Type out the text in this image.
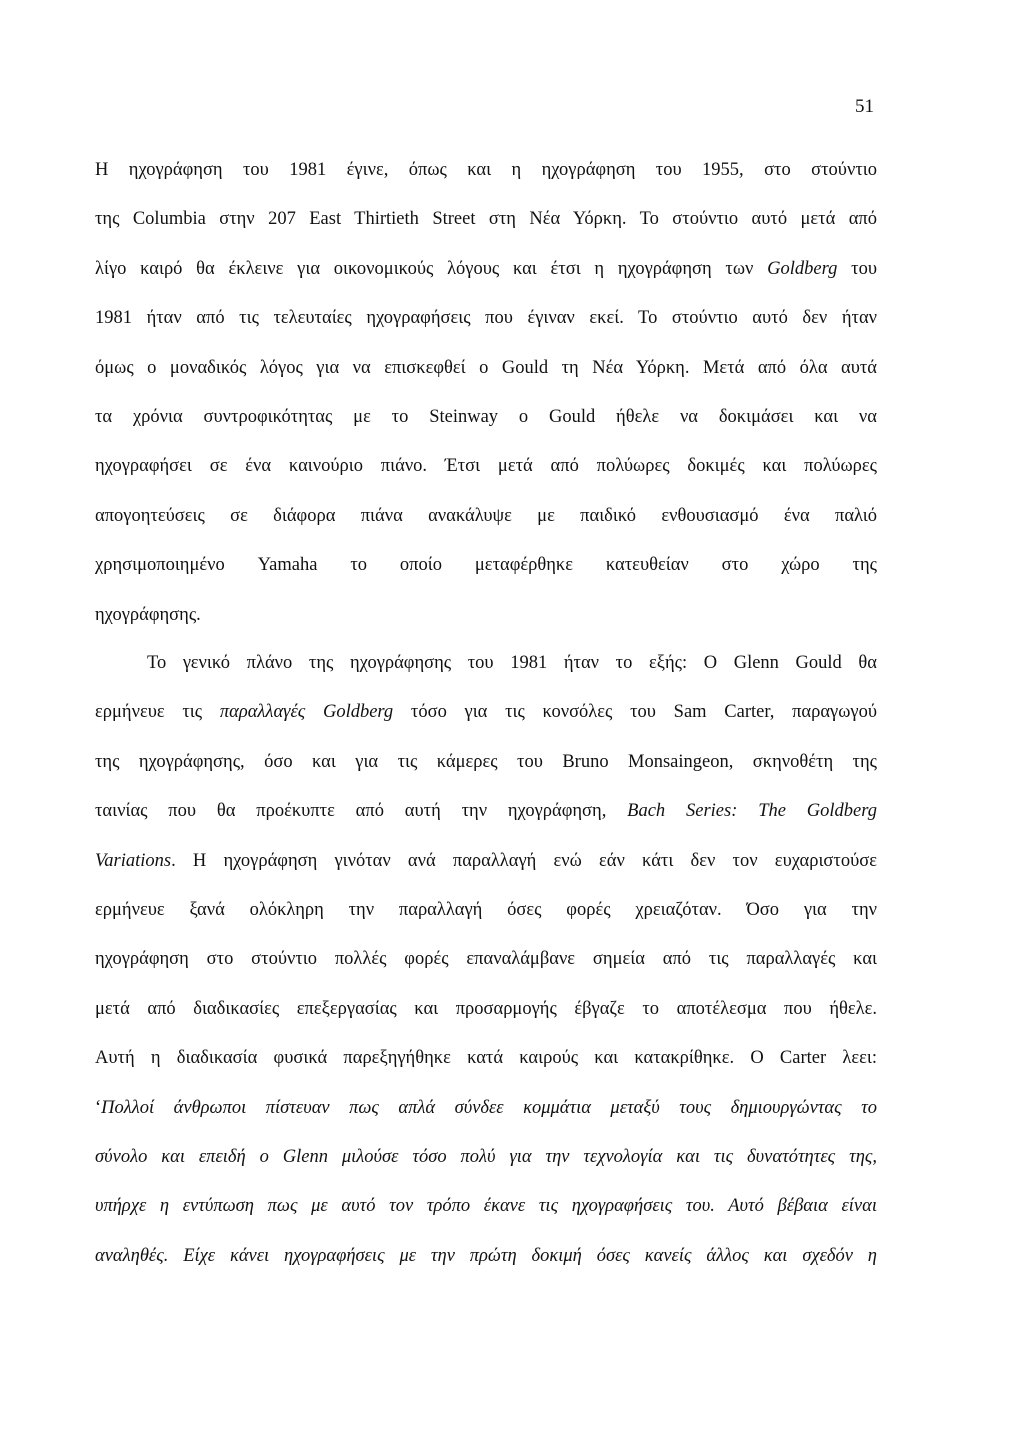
51
Η ηχογράφηση του 1981 έγινε, όπως και η ηχογράφηση του 1955, στο στούντιο
της Columbia στην 207 East Thirtieth Street στη Νέα Υόρκη. Το στούντιο αυτό μετά από
λίγο καιρό θα έκλεινε για οικονομικούς λόγους και έτσι η ηχογράφηση των Goldberg του
1981 ήταν από τις τελευταίες ηχογραφήσεις που έγιναν εκεί. Το στούντιο αυτό δεν ήταν
όμως ο μοναδικός λόγος για να επισκεφθεί ο Gould τη Νέα Υόρκη. Μετά από όλα αυτά
τα χρόνια συντροφικότητας με το Steinway ο Gould ήθελε να δοκιμάσει και να
ηχογραφήσει σε ένα καινούριο πιάνο. Έτσι μετά από πολύωρες δοκιμές και πολύωρες
απογοητεύσεις σε διάφορα πιάνα ανακάλυψε με παιδικό ενθουσιασμό ένα παλιό
χρησιμοποιημένο Yamaha το οποίο μεταφέρθηκε κατευθείαν στο χώρο της
ηχογράφησης.
Το γενικό πλάνο της ηχογράφησης του 1981 ήταν το εξής: Ο Glenn Gould θα
ερμήνευε τις παραλλαγές Goldberg τόσο για τις κονσόλες του Sam Carter, παραγωγού
της ηχογράφησης, όσο και για τις κάμερες του Bruno Monsaingeon, σκηνοθέτη της
ταινίας που θα προέκυπτε από αυτή την ηχογράφηση, Bach Series: The Goldberg
Variations. Η ηχογράφηση γινόταν ανά παραλλαγή ενώ εάν κάτι δεν τον ευχαριστούσε
ερμήνευε ξανά ολόκληρη την παραλλαγή όσες φορές χρειαζόταν. Όσο για την
ηχογράφηση στο στούντιο πολλές φορές επαναλάμβανε σημεία από τις παραλλαγές και
μετά από διαδικασίες επεξεργασίας και προσαρμογής έβγαζε το αποτέλεσμα που ήθελε.
Αυτή η διαδικασία φυσικά παρεξηγήθηκε κατά καιρούς και κατακρίθηκε. Ο Carter λεει:
‘Πολλοί άνθρωποι πίστευαν πως απλά σύνδεε κομμάτια μεταξύ τους δημιουργώντας το
σύνολο και επειδή ο Glenn μιλούσε τόσο πολύ για την τεχνολογία και τις δυνατότητες της,
υπήρχε η εντύπωση πως με αυτό τον τρόπο έκανε τις ηχογραφήσεις του. Αυτό βέβαια είναι
αναληθές. Είχε κάνει ηχογραφήσεις με την πρώτη δοκιμή όσες κανείς άλλος και σχεδόν η
